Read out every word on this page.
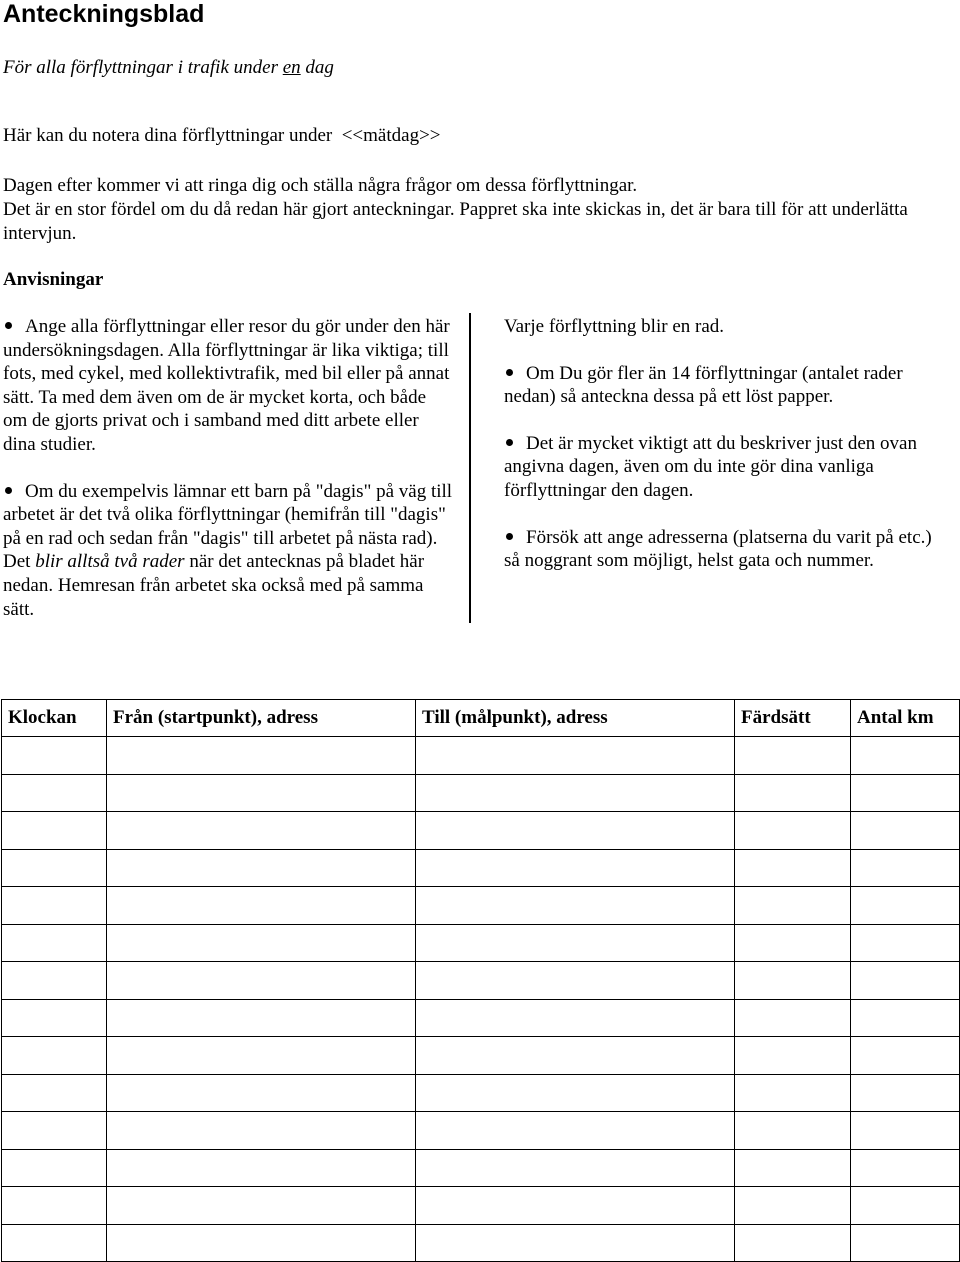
Anteckningsblad
För alla förflyttningar i trafik under en dag
Här kan du notera dina förflyttningar under  <<mätdag>>

Dagen efter kommer vi att ringa dig och ställa några frågor om dessa förflyttningar.

Det är en stor fördel om du då redan här gjort anteckningar. Pappret ska inte skickas in, det är bara till för att underlätta intervjun.

Anvisningar

Ange alla förflyttningar eller resor du gör under den här undersökningsdagen. Alla förflyttningar är lika viktiga; till fots, med cykel, med kollektivtrafik, med bil eller på annat sätt. Ta med dem även om de är mycket korta, och både om de gjorts privat och i samband med ditt arbete eller dina studier.

Om du exempelvis lämnar ett barn på "dagis" på väg till arbetet är det två olika förflyttningar (hemifrån till "dagis" på en rad och sedan från "dagis" till arbetet på nästa rad). Det blir alltså två rader när det antecknas på bladet här nedan. Hemresan från arbetet ska också med på samma sätt.

Varje förflyttning blir en rad.

Om Du gör fler än 14 förflyttningar (antalet rader nedan) så anteckna dessa på ett löst papper.

Det är mycket viktigt att du beskriver just den ovan angivna dagen, även om du inte gör dina vanliga förflyttningar den dagen.

Försök att ange adresserna (platserna du varit på etc.) så noggrant som möjligt, helst gata och nummer.

Klockan	Från (startpunkt), adress	Till (målpunkt), adress	Färdsätt	Antal km
